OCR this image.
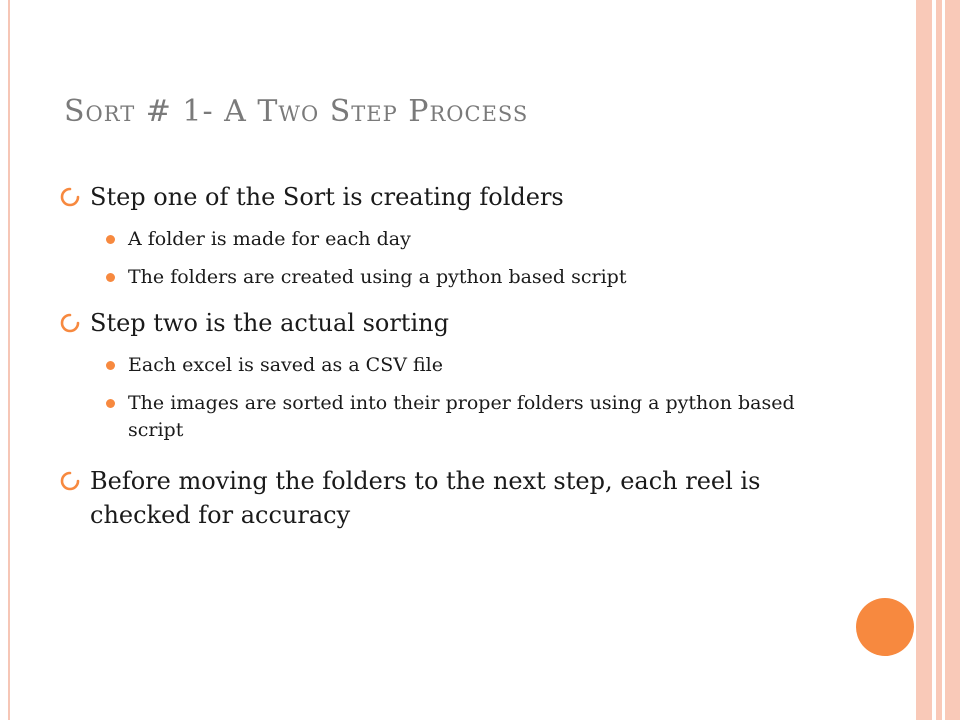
Sort # 1- A Two Step Process
Step one of the Sort is creating folders
A folder is made for each day
The folders are created using a python based script
Step two is the actual sorting
Each excel is saved as a CSV file
The images are sorted into their proper folders using a python based script
Before moving the folders to the next step, each reel is checked for accuracy
